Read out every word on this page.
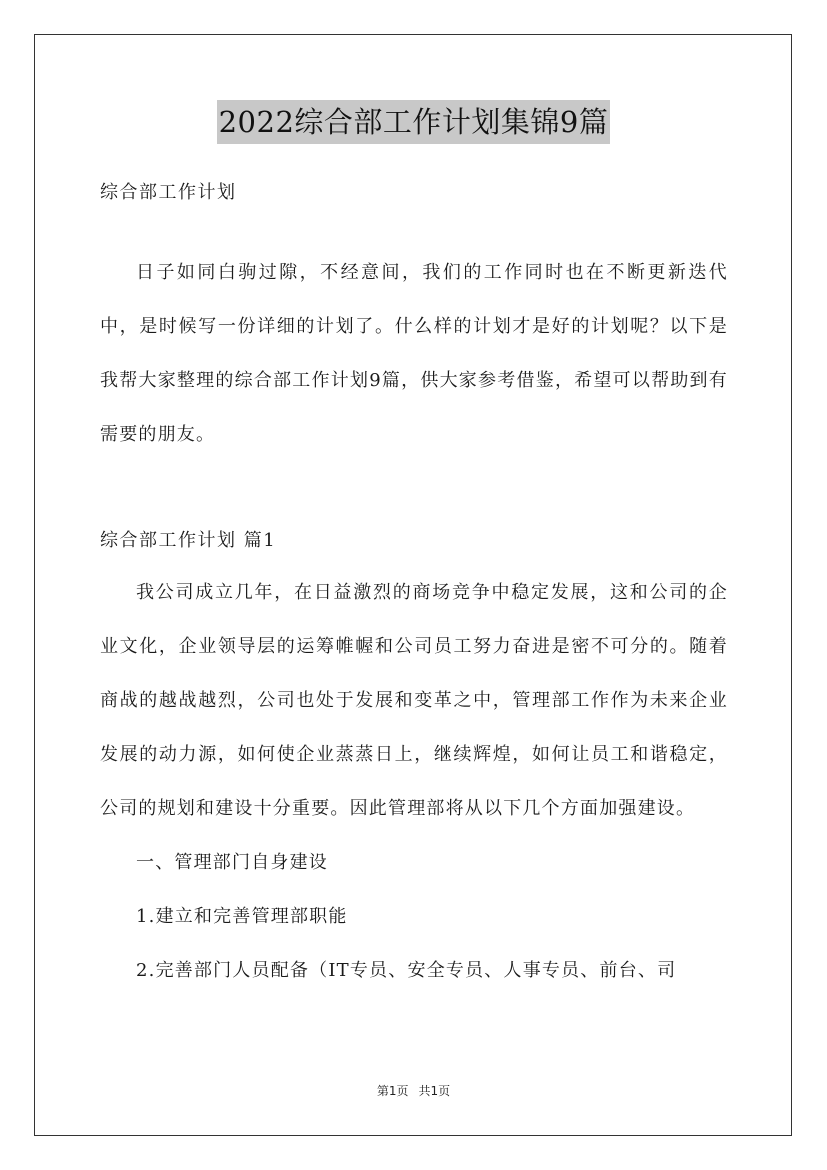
2022综合部工作计划集锦9篇
综合部工作计划
日子如同白驹过隙，不经意间，我们的工作同时也在不断更新迭代中，是时候写一份详细的计划了。什么样的计划才是好的计划呢？以下是我帮大家整理的综合部工作计划9篇，供大家参考借鉴，希望可以帮助到有需要的朋友。
综合部工作计划 篇1
我公司成立几年，在日益激烈的商场竞争中稳定发展，这和公司的企业文化，企业领导层的运筹帷幄和公司员工努力奋进是密不可分的。随着商战的越战越烈，公司也处于发展和变革之中，管理部工作作为未来企业发展的动力源，如何使企业蒸蒸日上，继续辉煌，如何让员工和谐稳定，公司的规划和建设十分重要。因此管理部将从以下几个方面加强建设。
一、管理部门自身建设
1.建立和完善管理部职能
2.完善部门人员配备（IT专员、安全专员、人事专员、前台、司
第1页 共1页
